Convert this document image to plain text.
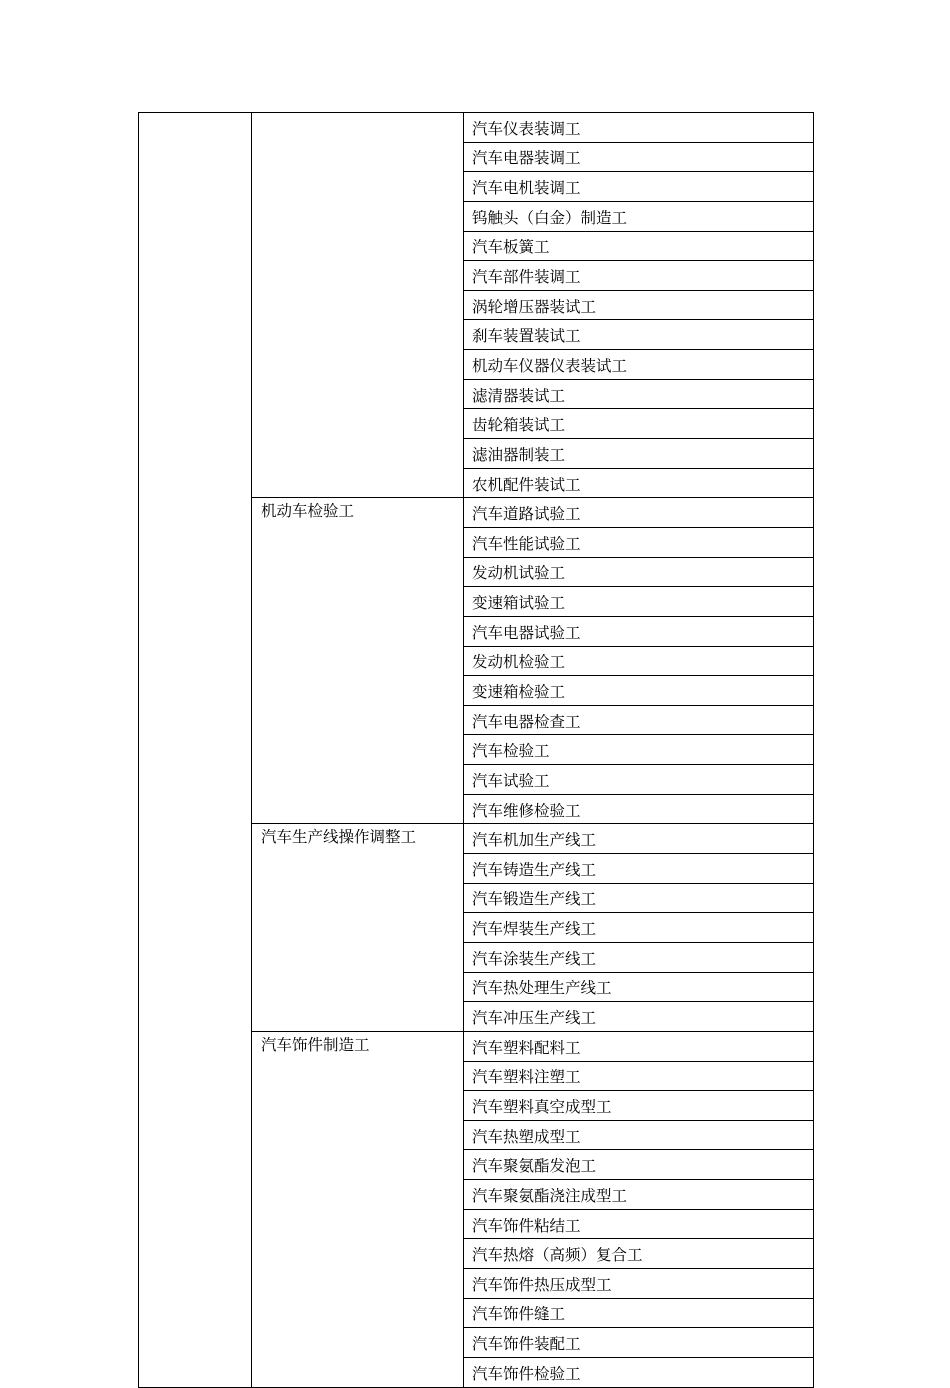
		汽车仪表装调工
		汽车电器装调工
		汽车电机装调工
		钨触头（白金）制造工
		汽车板簧工
		汽车部件装调工
		涡轮增压器装试工
		刹车装置装试工
		机动车仪器仪表装试工
		滤清器装试工
		齿轮箱装试工
		滤油器制装工
		农机配件装试工
	机动车检验工	汽车道路试验工
		汽车性能试验工
		发动机试验工
		变速箱试验工
		汽车电器试验工
		发动机检验工
		变速箱检验工
		汽车电器检查工
		汽车检验工
		汽车试验工
		汽车维修检验工
	汽车生产线操作调整工	汽车机加生产线工
		汽车铸造生产线工
		汽车锻造生产线工
		汽车焊装生产线工
		汽车涂装生产线工
		汽车热处理生产线工
		汽车冲压生产线工
	汽车饰件制造工	汽车塑料配料工
		汽车塑料注塑工
		汽车塑料真空成型工
		汽车热塑成型工
		汽车聚氨酯发泡工
		汽车聚氨酯浇注成型工
		汽车饰件粘结工
		汽车热熔（高频）复合工
		汽车饰件热压成型工
		汽车饰件缝工
		汽车饰件装配工
		汽车饰件检验工
